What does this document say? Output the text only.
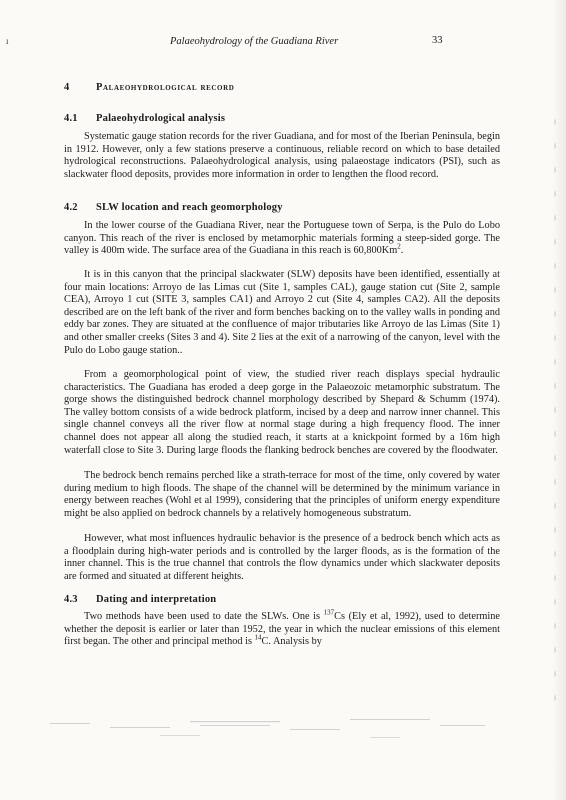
ı	Palaeohydrology of the Guadiana River	33
4	Palaeohydrological record
4.1 Palaeohydrological analysis

Systematic gauge station records for the river Guadiana, and for most of the Iberian Peninsula, begin in 1912. However, only a few stations preserve a continuous, reliable record on which to base detailed hydrological reconstructions. Palaeohydrological analysis, using palaeostage indicators (PSI), such as slackwater flood deposits, provides more information in order to lengthen the flood record.

4.2 SLW location and reach geomorphology

In the lower course of the Guadiana River, near the Portuguese town of Serpa, is the Pulo do Lobo canyon. This reach of the river is enclosed by metamorphic materials forming a steep-sided gorge. The valley is 400m wide. The surface area of the Guadiana in this reach is 60,800Km$^2$.

It is in this canyon that the principal slackwater (SLW) deposits have been identified, essentially at four main locations: Arroyo de las Limas cut (Site 1, samples CAL), gauge station cut (Site 2, sample CEA), Arroyo 1 cut (SITE 3, samples CA1) and Arroyo 2 cut (Site 4, samples CA2). All the deposits described are on the left bank of the river and form benches backing on to the valley walls in ponding and eddy bar zones. They are situated at the confluence of major tributaries like Arroyo de las Limas (Site 1) and other smaller creeks (Sites 3 and 4). Site 2 lies at the exit of a narrowing of the canyon, level with the Pulo do Lobo gauge station..

From a geomorphological point of view, the studied river reach displays special hydraulic characteristics. The Guadiana has eroded a deep gorge in the Palaeozoic metamorphic substratum. The gorge shows the distinguished bedrock channel morphology described by Shepard & Schumm (1974). The valley bottom consists of a wide bedrock platform, incised by a deep and narrow inner channel. This single channel conveys all the river flow at normal stage during a high frequency flood. The inner channel does not appear all along the studied reach, it starts at a knickpoint formed by a 16m high waterfall close to Site 3. During large floods the flanking bedrock benches are covered by the floodwater.

The bedrock bench remains perched like a strath-terrace for most of the time, only covered by water during medium to high floods. The shape of the channel will be determined by the minimum variance in energy between reaches (Wohl et al 1999), considering that the principles of uniform energy expenditure might be also applied on bedrock channels by a relatively homogeneous substratum.

However, what most influences hydraulic behavior is the presence of a bedrock bench which acts as a floodplain during high-water periods and is controlled by the larger floods, as is the formation of the inner channel. This is the true channel that controls the flow dynamics under which slackwater deposits are formed and situated at different heights.

4.3 Dating and interpretation

Two methods have been used to date the SLWs. One is $^{137}$Cs (Ely et al, 1992), used to determine whether the deposit is earlier or later than 1952, the year in which the nuclear emissions of this element first began. The other and principal method is $^{14}$C. Analysis by
